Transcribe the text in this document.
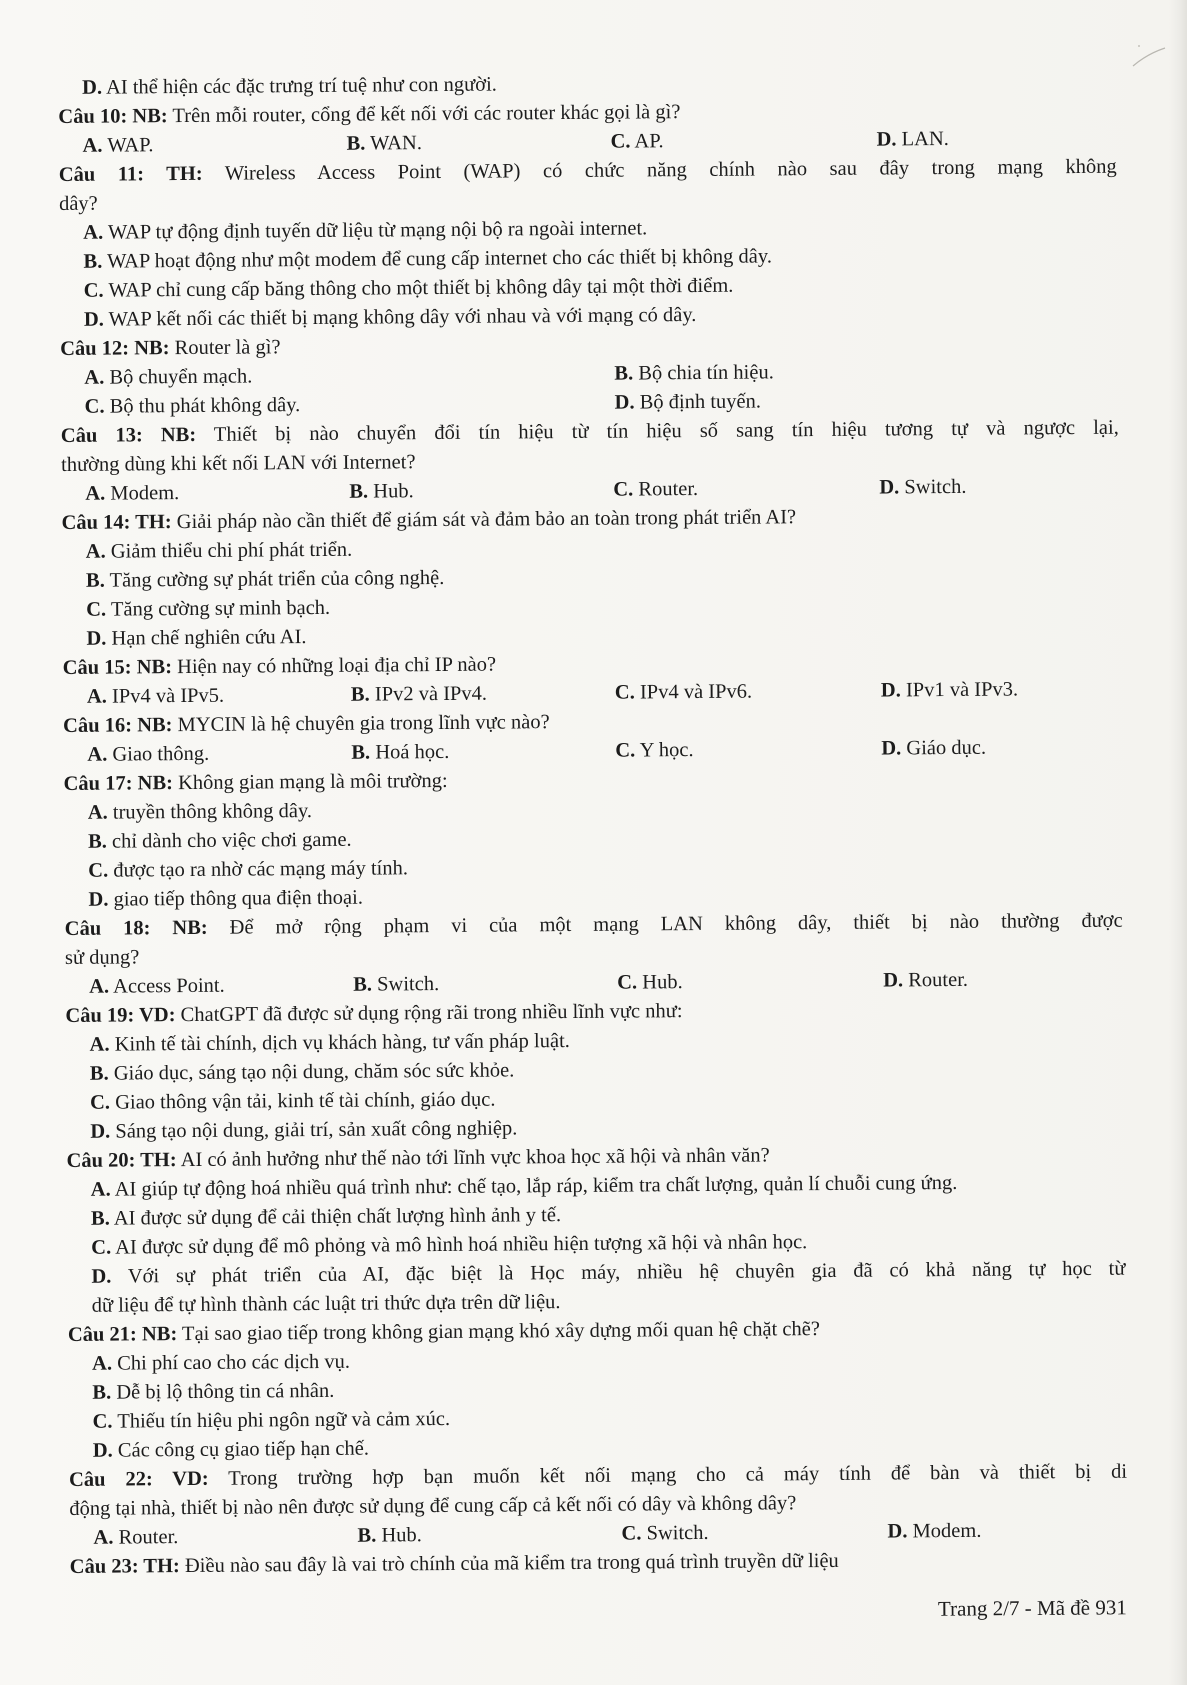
D. AI thể hiện các đặc trưng trí tuệ như con người.

Câu 10: NB: Trên mỗi router, cổng để kết nối với các router khác gọi là gì?

A. WAP.	B. WAN.	C. AP.	D. LAN.

Câu 11: TH: Wireless Access Point (WAP) có chức năng chính nào sau đây trong mạng không

dây?

A. WAP tự động định tuyến dữ liệu từ mạng nội bộ ra ngoài internet.

B. WAP hoạt động như một modem để cung cấp internet cho các thiết bị không dây.

C. WAP chỉ cung cấp băng thông cho một thiết bị không dây tại một thời điểm.

D. WAP kết nối các thiết bị mạng không dây với nhau và với mạng có dây.

Câu 12: NB: Router là gì?

A. Bộ chuyển mạch.	B. Bộ chia tín hiệu.
C. Bộ thu phát không dây.	D. Bộ định tuyến.

Câu 13: NB: Thiết bị nào chuyển đổi tín hiệu từ tín hiệu số sang tín hiệu tương tự và ngược lại,

thường dùng khi kết nối LAN với Internet?

A. Modem.	B. Hub.	C. Router.	D. Switch.

Câu 14: TH: Giải pháp nào cần thiết để giám sát và đảm bảo an toàn trong phát triển AI?

A. Giảm thiểu chi phí phát triển.

B. Tăng cường sự phát triển của công nghệ.

C. Tăng cường sự minh bạch.

D. Hạn chế nghiên cứu AI.

Câu 15: NB: Hiện nay có những loại địa chỉ IP nào?

A. IPv4 và IPv5.	B. IPv2 và IPv4.	C. IPv4 và IPv6.	D. IPv1 và IPv3.

Câu 16: NB: MYCIN là hệ chuyên gia trong lĩnh vực nào?

A. Giao thông.	B. Hoá học.	C. Y học.	D. Giáo dục.

Câu 17: NB: Không gian mạng là môi trường:

A. truyền thông không dây.

B. chỉ dành cho việc chơi game.

C. được tạo ra nhờ các mạng máy tính.

D. giao tiếp thông qua điện thoại.

Câu 18: NB: Để mở rộng phạm vi của một mạng LAN không dây, thiết bị nào thường được

sử dụng?

A. Access Point.	B. Switch.	C. Hub.	D. Router.

Câu 19: VD: ChatGPT đã được sử dụng rộng rãi trong nhiều lĩnh vực như:

A. Kinh tế tài chính, dịch vụ khách hàng, tư vấn pháp luật.

B. Giáo dục, sáng tạo nội dung, chăm sóc sức khỏe.

C. Giao thông vận tải, kinh tế tài chính, giáo dục.

D. Sáng tạo nội dung, giải trí, sản xuất công nghiệp.

Câu 20: TH: AI có ảnh hưởng như thế nào tới lĩnh vực khoa học xã hội và nhân văn?

A. AI giúp tự động hoá nhiều quá trình như: chế tạo, lắp ráp, kiểm tra chất lượng, quản lí chuỗi cung ứng.

B. AI được sử dụng để cải thiện chất lượng hình ảnh y tế.

C. AI được sử dụng để mô phỏng và mô hình hoá nhiều hiện tượng xã hội và nhân học.

D. Với sự phát triển của AI, đặc biệt là Học máy, nhiều hệ chuyên gia đã có khả năng tự học từ

dữ liệu để tự hình thành các luật tri thức dựa trên dữ liệu.

Câu 21: NB: Tại sao giao tiếp trong không gian mạng khó xây dựng mối quan hệ chặt chẽ?

A. Chi phí cao cho các dịch vụ.

B. Dễ bị lộ thông tin cá nhân.

C. Thiếu tín hiệu phi ngôn ngữ và cảm xúc.

D. Các công cụ giao tiếp hạn chế.

Câu 22: VD: Trong trường hợp bạn muốn kết nối mạng cho cả máy tính để bàn và thiết bị di

động tại nhà, thiết bị nào nên được sử dụng để cung cấp cả kết nối có dây và không dây?

A. Router.	B. Hub.	C. Switch.	D. Modem.

Câu 23: TH: Điều nào sau đây là vai trò chính của mã kiểm tra trong quá trình truyền dữ liệu

Trang 2/7 - Mã đề 931
